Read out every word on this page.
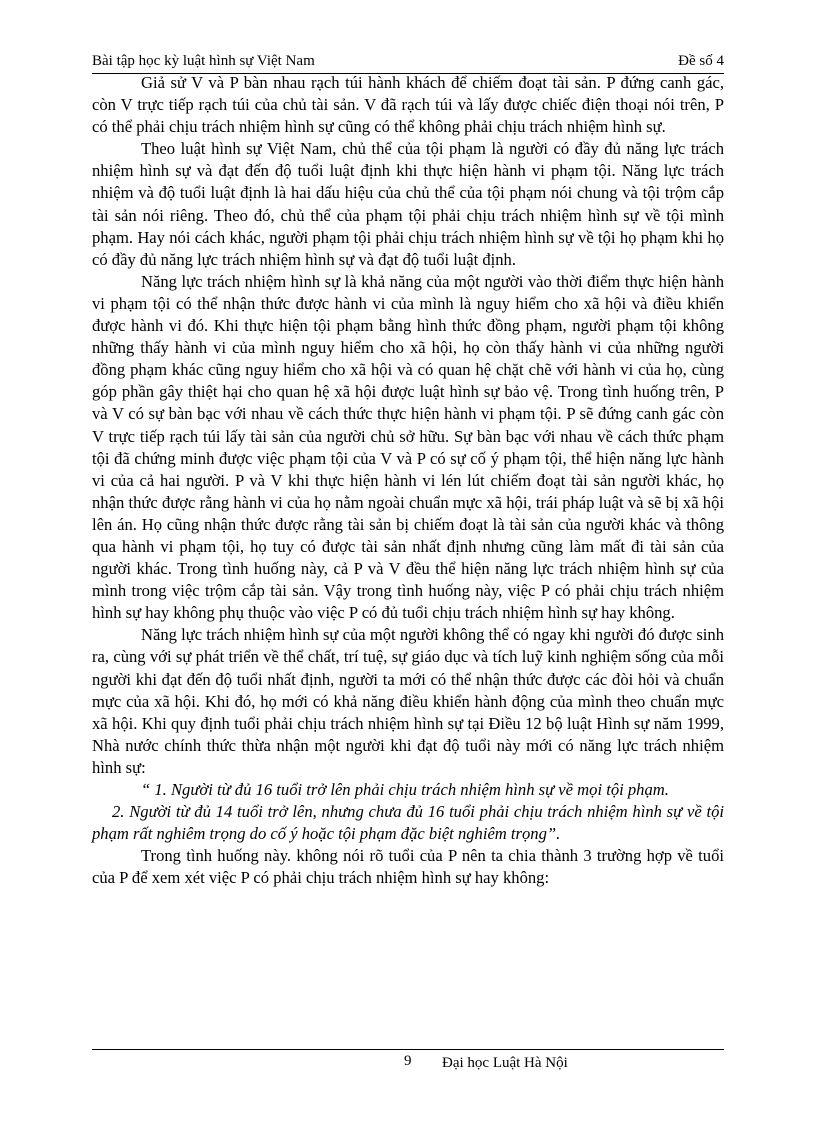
Bài tập học kỳ luật hình sự Việt Nam	Đề số 4

Giả sử V và P bàn nhau rạch túi hành khách để chiếm đoạt tài sản. P đứng canh gác, còn V trực tiếp rạch túi của chủ tài sản. V đã rạch túi và lấy được chiếc điện thoại nói trên, P có thể phải chịu trách nhiệm hình sự cũng có thể không phải chịu trách nhiệm hình sự.

Theo luật hình sự Việt Nam, chủ thể của tội phạm là người có đầy đủ năng lực trách nhiệm hình sự và đạt đến độ tuổi luật định khi thực hiện hành vi phạm tội. Năng lực trách nhiệm và độ tuổi luật định là hai dấu hiệu của chủ thể của tội phạm nói chung và tội trộm cắp tài sản nói riêng. Theo đó, chủ thể của phạm tội phải chịu trách nhiệm hình sự về tội mình phạm. Hay nói cách khác, người phạm tội phải chịu trách nhiệm hình sự về tội họ phạm khi họ có đầy đủ năng lực trách nhiệm hình sự và đạt độ tuổi luật định.

Năng lực trách nhiệm hình sự là khả năng của một người vào thời điểm thực hiện hành vi phạm tội có thể nhận thức được hành vi của mình là nguy hiểm cho xã hội và điều khiển được hành vi đó. Khi thực hiện tội phạm bằng hình thức đồng phạm, người phạm tội không những thấy hành vi của mình nguy hiểm cho xã hội, họ còn thấy hành vi của những người đồng phạm khác cũng nguy hiểm cho xã hội và có quan hệ chặt chẽ với hành vi của họ, cùng góp phần gây thiệt hại cho quan hệ xã hội được luật hình sự bảo vệ. Trong tình huống trên, P và V có sự bàn bạc với nhau về cách thức thực hiện hành vi phạm tội. P sẽ đứng canh gác còn V trực tiếp rạch túi lấy tài sản của người chủ sở hữu. Sự bàn bạc với nhau về cách thức phạm tội đã chứng minh được việc phạm tội của V và P có sự cố ý phạm tội, thể hiện năng lực hành vi của cả hai người. P và V khi thực hiện hành vi lén lút chiếm đoạt tài sản người khác, họ nhận thức được rằng hành vi của họ nằm ngoài chuẩn mực xã hội, trái pháp luật và sẽ bị xã hội lên án. Họ cũng nhận thức được rằng tài sản bị chiếm đoạt là tài sản của người khác và thông qua hành vi phạm tội, họ tuy có được tài sản nhất định nhưng cũng làm mất đi tài sản của người khác. Trong tình huống này, cả P và V đều thể hiện năng lực trách nhiệm hình sự của mình trong việc trộm cắp tài sản. Vậy trong tình huống này, việc P có phải chịu trách nhiệm hình sự hay không phụ thuộc vào việc P có đủ tuổi chịu trách nhiệm hình sự hay không.

Năng lực trách nhiệm hình sự của một người không thể có ngay khi người đó được sinh ra, cùng với sự phát triển về thể chất, trí tuệ, sự giáo dục và tích luỹ kinh nghiệm sống của mỗi người khi đạt đến độ tuổi nhất định, người ta mới có thể nhận thức được các đòi hỏi và chuẩn mực của xã hội. Khi đó, họ mới có khả năng điều khiển hành động của mình theo chuẩn mực xã hội. Khi quy định tuổi phải chịu trách nhiệm hình sự tại Điều 12 bộ luật Hình sự năm 1999, Nhà nước chính thức thừa nhận một người khi đạt độ tuổi này mới có năng lực trách nhiệm hình sự:

“ 1. Người từ đủ 16 tuổi trở lên phải chịu trách nhiệm hình sự về mọi tội phạm.

2. Người từ đủ 14 tuổi trở lên, nhưng chưa đủ 16 tuổi phải chịu trách nhiệm hình sự về tội phạm rất nghiêm trọng do cố ý hoặc tội phạm đặc biệt nghiêm trọng”.

Trong tình huống này. không nói rõ tuổi của P nên ta chia thành 3 trường hợp về tuổi của P để xem xét việc P có phải chịu trách nhiệm hình sự hay không:

9 Đại học Luật Hà Nội
